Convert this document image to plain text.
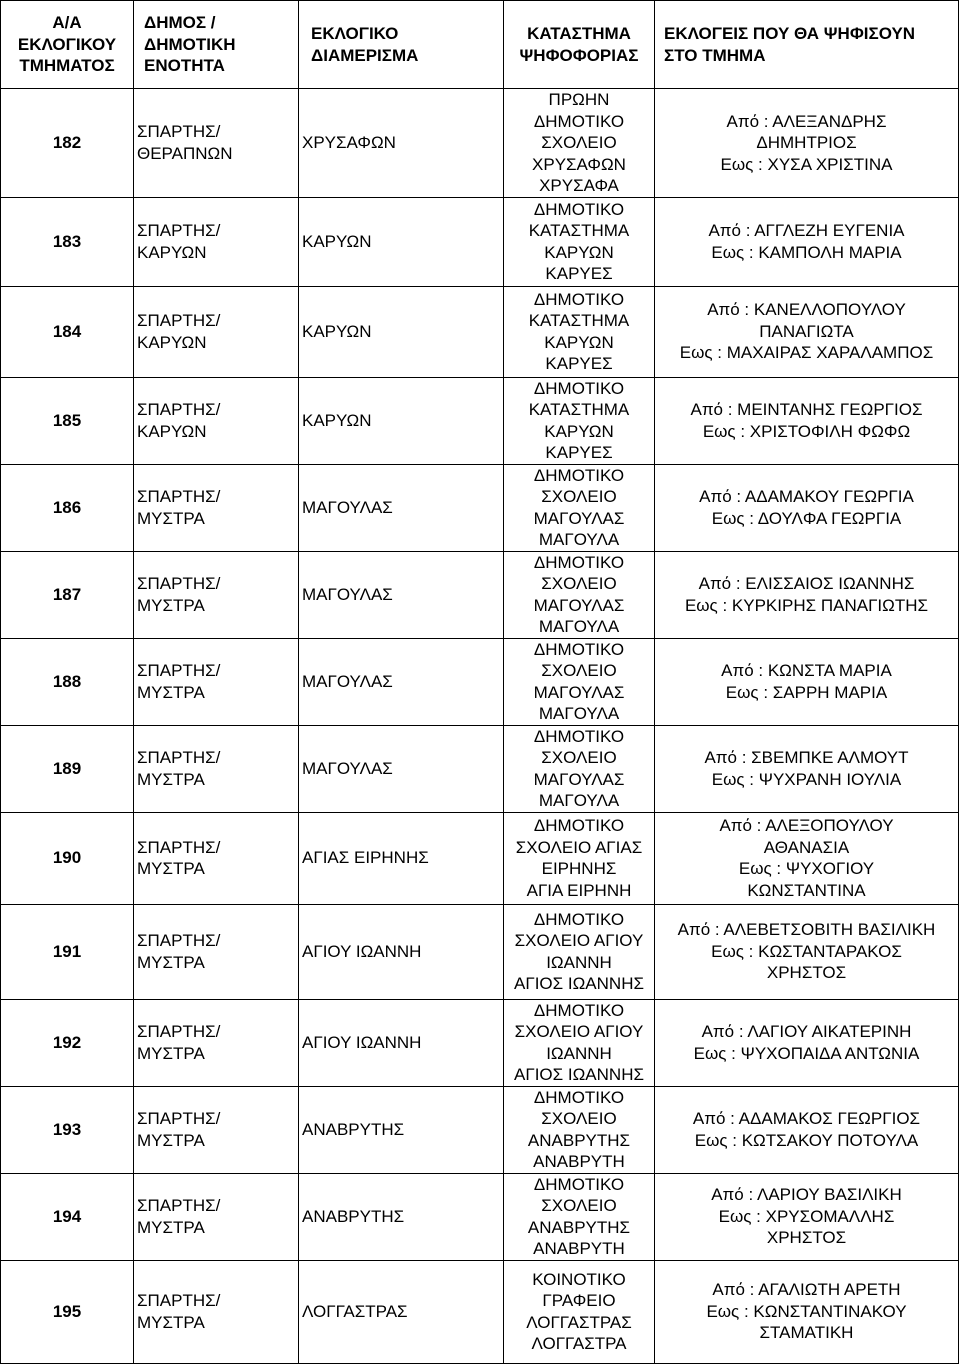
Α/Α
ΕΚΛΟΓΙΚΟΥ
ΤΜΗΜΑΤΟΣ	ΔΗΜΟΣ /
ΔΗΜΟΤΙΚΗ
ΕΝΟΤΗΤΑ	ΕΚΛΟΓΙΚΟ
ΔΙΑΜΕΡΙΣΜΑ	ΚΑΤΑΣΤΗΜΑ
ΨΗΦΟΦΟΡΙΑΣ	ΕΚΛΟΓΕΙΣ ΠΟΥ ΘΑ ΨΗΦΙΣΟΥΝ
ΣΤΟ ΤΜΗΜΑ

182	ΣΠΑΡΤΗΣ/
ΘΕΡΑΠΝΩΝ	ΧΡΥΣΑΦΩΝ	ΠΡΩΗΝ
ΔΗΜΟΤΙΚΟ
ΣΧΟΛΕΙΟ
ΧΡΥΣΑΦΩΝ
ΧΡΥΣΑΦΑ	Από : ΑΛΕΞΑΝΔΡΗΣ
ΔΗΜΗΤΡΙΟΣ
Εως : ΧΥΣΑ ΧΡΙΣΤΙΝΑ

183	ΣΠΑΡΤΗΣ/
ΚΑΡΥΩΝ	ΚΑΡΥΩΝ	ΔΗΜΟΤΙΚΟ
ΚΑΤΑΣΤΗΜΑ
ΚΑΡΥΩΝ
ΚΑΡΥΕΣ	Από : ΑΓΓΛΕΖΗ ΕΥΓΕΝΙΑ
Εως : ΚΑΜΠΟΛΗ ΜΑΡΙΑ

184	ΣΠΑΡΤΗΣ/
ΚΑΡΥΩΝ	ΚΑΡΥΩΝ	ΔΗΜΟΤΙΚΟ
ΚΑΤΑΣΤΗΜΑ
ΚΑΡΥΩΝ
ΚΑΡΥΕΣ	Από : ΚΑΝΕΛΛΟΠΟΥΛΟΥ
ΠΑΝΑΓΙΩΤΑ
Εως : ΜΑΧΑΙΡΑΣ ΧΑΡΑΛΑΜΠΟΣ

185	ΣΠΑΡΤΗΣ/
ΚΑΡΥΩΝ	ΚΑΡΥΩΝ	ΔΗΜΟΤΙΚΟ
ΚΑΤΑΣΤΗΜΑ
ΚΑΡΥΩΝ
ΚΑΡΥΕΣ	Από : ΜΕΙΝΤΑΝΗΣ ΓΕΩΡΓΙΟΣ
Εως : ΧΡΙΣΤΟΦΙΛΗ ΦΩΦΩ

186	ΣΠΑΡΤΗΣ/
ΜΥΣΤΡΑ	ΜΑΓΟΥΛΑΣ	ΔΗΜΟΤΙΚΟ
ΣΧΟΛΕΙΟ
ΜΑΓΟΥΛΑΣ
ΜΑΓΟΥΛΑ	Από : ΑΔΑΜΑΚΟΥ ΓΕΩΡΓΙΑ
Εως : ΔΟΥΛΦΑ ΓΕΩΡΓΙΑ

187	ΣΠΑΡΤΗΣ/
ΜΥΣΤΡΑ	ΜΑΓΟΥΛΑΣ	ΔΗΜΟΤΙΚΟ
ΣΧΟΛΕΙΟ
ΜΑΓΟΥΛΑΣ
ΜΑΓΟΥΛΑ	Από : ΕΛΙΣΣΑΙΟΣ ΙΩΑΝΝΗΣ
Εως : ΚΥΡΚΙΡΗΣ ΠΑΝΑΓΙΩΤΗΣ

188	ΣΠΑΡΤΗΣ/
ΜΥΣΤΡΑ	ΜΑΓΟΥΛΑΣ	ΔΗΜΟΤΙΚΟ
ΣΧΟΛΕΙΟ
ΜΑΓΟΥΛΑΣ
ΜΑΓΟΥΛΑ	Από : ΚΩΝΣΤΑ ΜΑΡΙΑ
Εως : ΣΑΡΡΗ ΜΑΡΙΑ

189	ΣΠΑΡΤΗΣ/
ΜΥΣΤΡΑ	ΜΑΓΟΥΛΑΣ	ΔΗΜΟΤΙΚΟ
ΣΧΟΛΕΙΟ
ΜΑΓΟΥΛΑΣ
ΜΑΓΟΥΛΑ	Από : ΣΒΕΜΠΚΕ ΑΛΜΟΥΤ
Εως : ΨΥΧΡΑΝΗ ΙΟΥΛΙΑ

190	ΣΠΑΡΤΗΣ/
ΜΥΣΤΡΑ	ΑΓΙΑΣ ΕΙΡΗΝΗΣ	ΔΗΜΟΤΙΚΟ
ΣΧΟΛΕΙΟ ΑΓΙΑΣ
ΕΙΡΗΝΗΣ
ΑΓΙΑ ΕΙΡΗΝΗ	Από : ΑΛΕΞΟΠΟΥΛΟΥ
ΑΘΑΝΑΣΙΑ
Εως : ΨΥΧΟΓΙΟΥ
ΚΩΝΣΤΑΝΤΙΝΑ

191	ΣΠΑΡΤΗΣ/
ΜΥΣΤΡΑ	ΑΓΙΟΥ ΙΩΑΝΝΗ	ΔΗΜΟΤΙΚΟ
ΣΧΟΛΕΙΟ ΑΓΙΟΥ
ΙΩΑΝΝΗ
ΑΓΙΟΣ ΙΩΑΝΝΗΣ	Από : ΑΛΕΒΕΤΣΟΒΙΤΗ ΒΑΣΙΛΙΚΗ
Εως : ΚΩΣΤΑΝΤΑΡΑΚΟΣ
ΧΡΗΣΤΟΣ

192	ΣΠΑΡΤΗΣ/
ΜΥΣΤΡΑ	ΑΓΙΟΥ ΙΩΑΝΝΗ	ΔΗΜΟΤΙΚΟ
ΣΧΟΛΕΙΟ ΑΓΙΟΥ
ΙΩΑΝΝΗ
ΑΓΙΟΣ ΙΩΑΝΝΗΣ	Από : ΛΑΓΙΟΥ ΑΙΚΑΤΕΡΙΝΗ
Εως : ΨΥΧΟΠΑΙΔΑ ΑΝΤΩΝΙΑ

193	ΣΠΑΡΤΗΣ/
ΜΥΣΤΡΑ	ΑΝΑΒΡΥΤΗΣ	ΔΗΜΟΤΙΚΟ
ΣΧΟΛΕΙΟ
ΑΝΑΒΡΥΤΗΣ
ΑΝΑΒΡΥΤΗ	Από : ΑΔΑΜΑΚΟΣ ΓΕΩΡΓΙΟΣ
Εως : ΚΩΤΣΑΚΟΥ ΠΟΤΟΥΛΑ

194	ΣΠΑΡΤΗΣ/
ΜΥΣΤΡΑ	ΑΝΑΒΡΥΤΗΣ	ΔΗΜΟΤΙΚΟ
ΣΧΟΛΕΙΟ
ΑΝΑΒΡΥΤΗΣ
ΑΝΑΒΡΥΤΗ	Από : ΛΑΡΙΟΥ ΒΑΣΙΛΙΚΗ
Εως : ΧΡΥΣΟΜΑΛΛΗΣ
ΧΡΗΣΤΟΣ

195	ΣΠΑΡΤΗΣ/
ΜΥΣΤΡΑ	ΛΟΓΓΑΣΤΡΑΣ	ΚΟΙΝΟΤΙΚΟ
ΓΡΑΦΕΙΟ
ΛΟΓΓΑΣΤΡΑΣ
ΛΟΓΓΑΣΤΡΑ	Από : ΑΓΑΛΙΩΤΗ ΑΡΕΤΗ
Εως : ΚΩΝΣΤΑΝΤΙΝΑΚΟΥ
ΣΤΑΜΑΤΙΚΗ
